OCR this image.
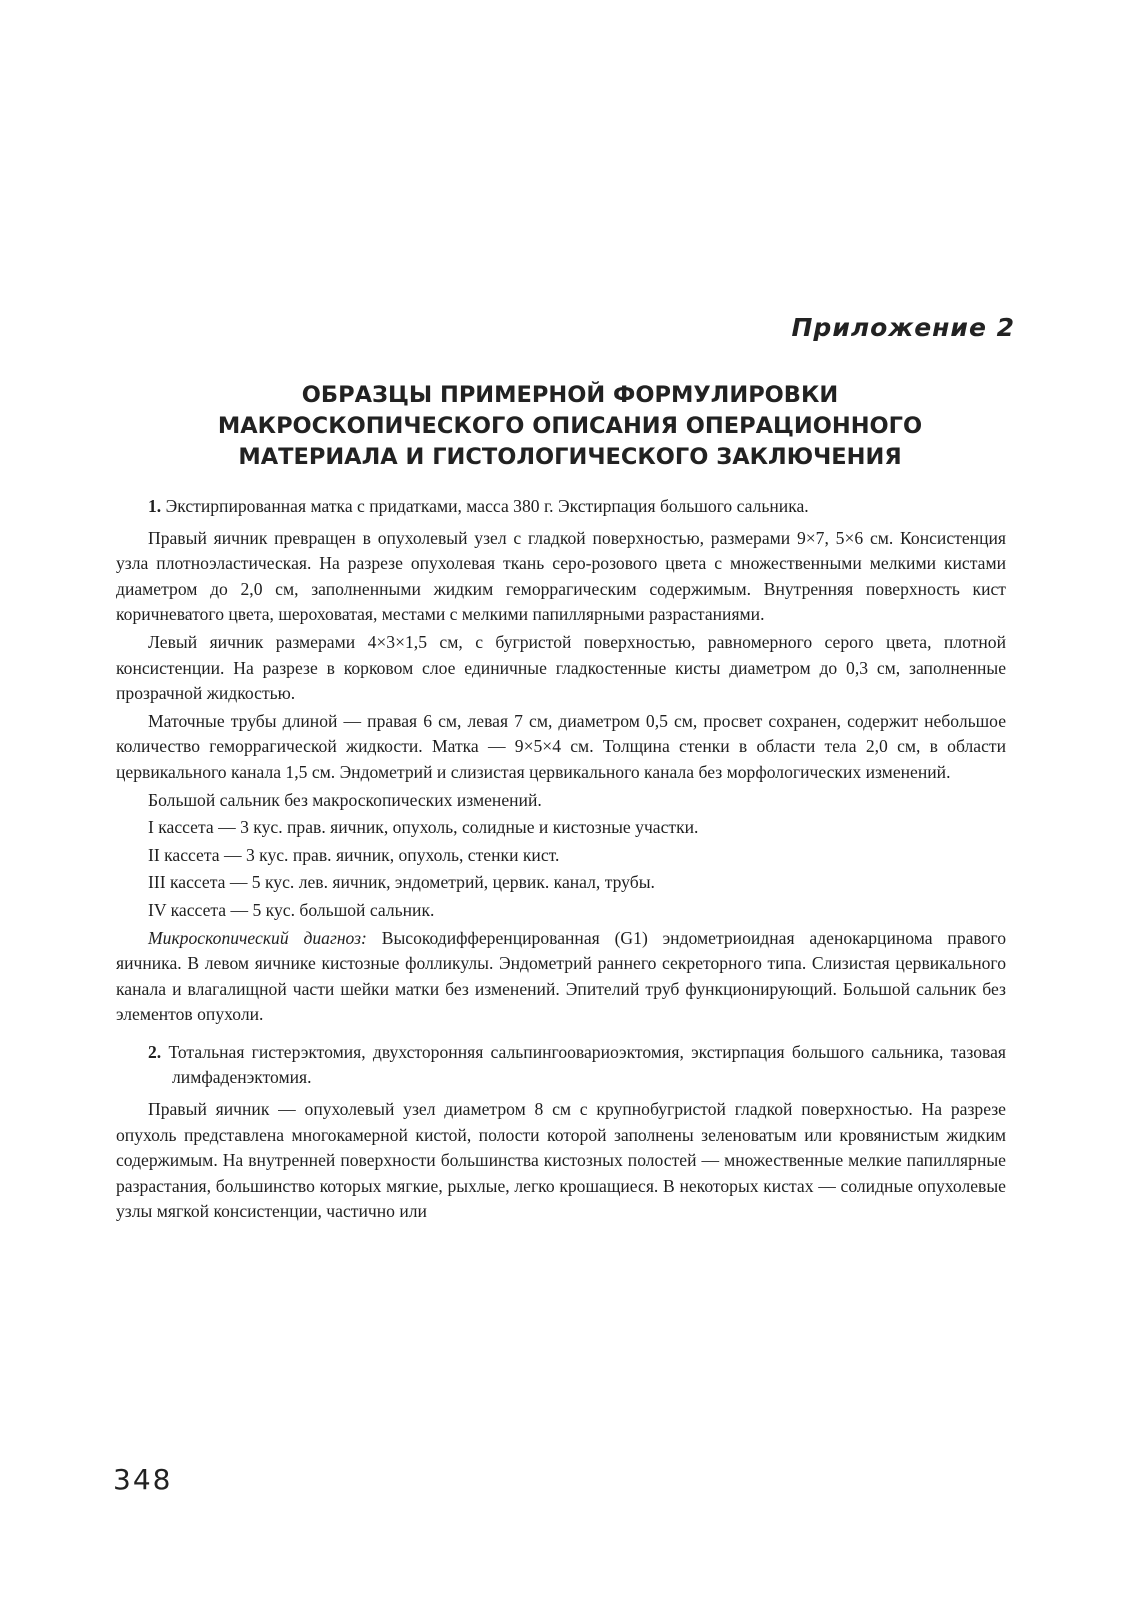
Приложение 2
ОБРАЗЦЫ ПРИМЕРНОЙ ФОРМУЛИРОВКИ
МАКРОСКОПИЧЕСКОГО ОПИСАНИЯ ОПЕРАЦИОННОГО
МАТЕРИАЛА И ГИСТОЛОГИЧЕСКОГО ЗАКЛЮЧЕНИЯ

1. Экстирпированная матка с придатками, масса 380 г. Экстирпация большого сальника.

Правый яичник превращен в опухолевый узел с гладкой поверхностью, размерами 9×7, 5×6 см. Консистенция узла плотноэластическая. На разрезе опухолевая ткань серо-розового цвета с множественными мелкими кистами диаметром до 2,0 см, заполненными жидким геморрагическим содержимым. Внутренняя поверхность кист коричневатого цвета, шероховатая, местами с мелкими папиллярными разрастаниями.

Левый яичник размерами 4×3×1,5 см, с бугристой поверхностью, равномерного серого цвета, плотной консистенции. На разрезе в корковом слое единичные гладкостенные кисты диаметром до 0,3 см, заполненные прозрачной жидкостью.

Маточные трубы длиной — правая 6 см, левая 7 см, диаметром 0,5 см, просвет сохранен, содержит небольшое количество геморрагической жидкости. Матка — 9×5×4 см. Толщина стенки в области тела 2,0 см, в области цервикального канала 1,5 см. Эндометрий и слизистая цервикального канала без морфологических изменений.

Большой сальник без макроскопических изменений.

I кассета — 3 кус. прав. яичник, опухоль, солидные и кистозные участки.

II кассета — 3 кус. прав. яичник, опухоль, стенки кист.

III кассета — 5 кус. лев. яичник, эндометрий, цервик. канал, трубы.

IV кассета — 5 кус. большой сальник.

Микроскопический диагноз: Высокодифференцированная (G1) эндометриоидная аденокарцинома правого яичника. В левом яичнике кистозные фолликулы. Эндометрий раннего секреторного типа. Слизистая цервикального канала и влагалищной части шейки матки без изменений. Эпителий труб функционирующий. Большой сальник без элементов опухоли.

2. Тотальная гистерэктомия, двухсторонняя сальпингоовариоэктомия, экстирпация большого сальника, тазовая лимфаденэктомия.

Правый яичник — опухолевый узел диаметром 8 см с крупнобугристой гладкой поверхностью. На разрезе опухоль представлена многокамерной кистой, полости которой заполнены зеленоватым или кровянистым жидким содержимым. На внутренней поверхности большинства кистозных полостей — множественные мелкие папиллярные разрастания, большинство которых мягкие, рыхлые, легко крошащиеся. В некоторых кистах — солидные опухолевые узлы мягкой консистенции, частично или

348
